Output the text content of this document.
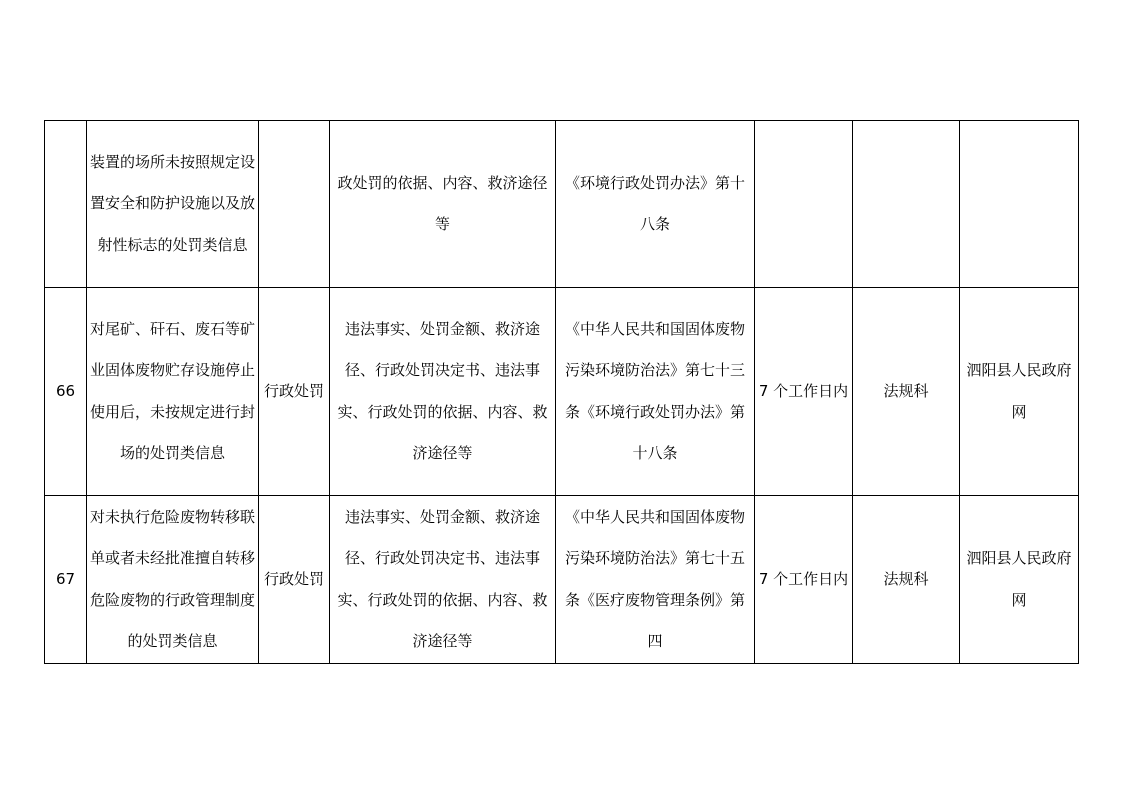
	装置的场所未按照规定设置安全和防护设施以及放射性标志的处罚类信息		政处罚的依据、内容、救济途径等	《环境行政处罚办法》第十八条			

66	对尾矿、矸石、废石等矿业固体废物贮存设施停止使用后，未按规定进行封场的处罚类信息	行政处罚	违法事实、处罚金额、救济途径、行政处罚决定书、违法事实、行政处罚的依据、内容、救济途径等	《中华人民共和国固体废物污染环境防治法》第七十三条《环境行政处罚办法》第十八条	7 个工作日内	法规科	泗阳县人民政府网

67	对未执行危险废物转移联单或者未经批准擅自转移危险废物的行政管理制度的处罚类信息	行政处罚	违法事实、处罚金额、救济途径、行政处罚决定书、违法事实、行政处罚的依据、内容、救济途径等	《中华人民共和国固体废物污染环境防治法》第七十五条《医疗废物管理条例》第四	7 个工作日内	法规科	泗阳县人民政府网
